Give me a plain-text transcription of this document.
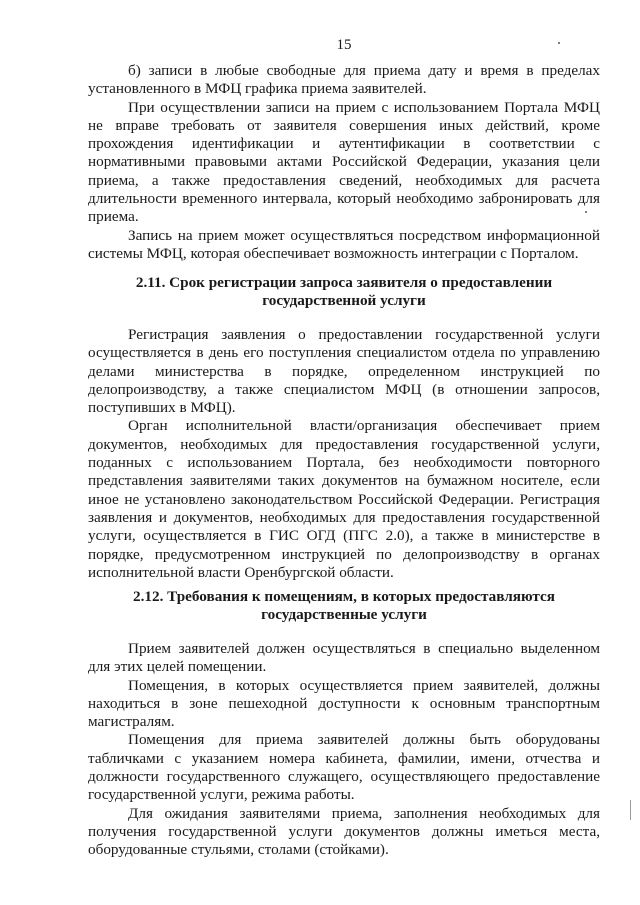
15

б) записи в любые свободные для приема дату и время в пределах установленного в МФЦ графика приема заявителей.

При осуществлении записи на прием с использованием Портала МФЦ не вправе требовать от заявителя совершения иных действий, кроме прохождения идентификации и аутентификации в соответствии с нормативными правовыми актами Российской Федерации, указания цели приема, а также предоставления сведений, необходимых для расчета длительности временного интервала, который необходимо забронировать для приема.

Запись на прием может осуществляться посредством информационной системы МФЦ, которая обеспечивает возможность интеграции с Порталом.

2.11. Срок регистрации запроса заявителя о предоставлении государственной услуги

Регистрация заявления о предоставлении государственной услуги осуществляется в день его поступления специалистом отдела по управлению делами министерства в порядке, определенном инструкцией по делопроизводству, а также специалистом МФЦ (в отношении запросов, поступивших в МФЦ).

Орган исполнительной власти/организация обеспечивает прием документов, необходимых для предоставления государственной услуги, поданных с использованием Портала, без необходимости повторного представления заявителями таких документов на бумажном носителе, если иное не установлено законодательством Российской Федерации. Регистрация заявления и документов, необходимых для предоставления государственной услуги, осуществляется в ГИС ОГД (ПГС 2.0), а также в министерстве в порядке, предусмотренном инструкцией по делопроизводству в органах исполнительной власти Оренбургской области.

2.12. Требования к помещениям, в которых предоставляются государственные услуги

Прием заявителей должен осуществляться в специально выделенном для этих целей помещении.

Помещения, в которых осуществляется прием заявителей, должны находиться в зоне пешеходной доступности к основным транспортным магистралям.

Помещения для приема заявителей должны быть оборудованы табличками с указанием номера кабинета, фамилии, имени, отчества и должности государственного служащего, осуществляющего предоставление государственной услуги, режима работы.

Для ожидания заявителями приема, заполнения необходимых для получения государственной услуги документов должны иметься места, оборудованные стульями, столами (стойками).
